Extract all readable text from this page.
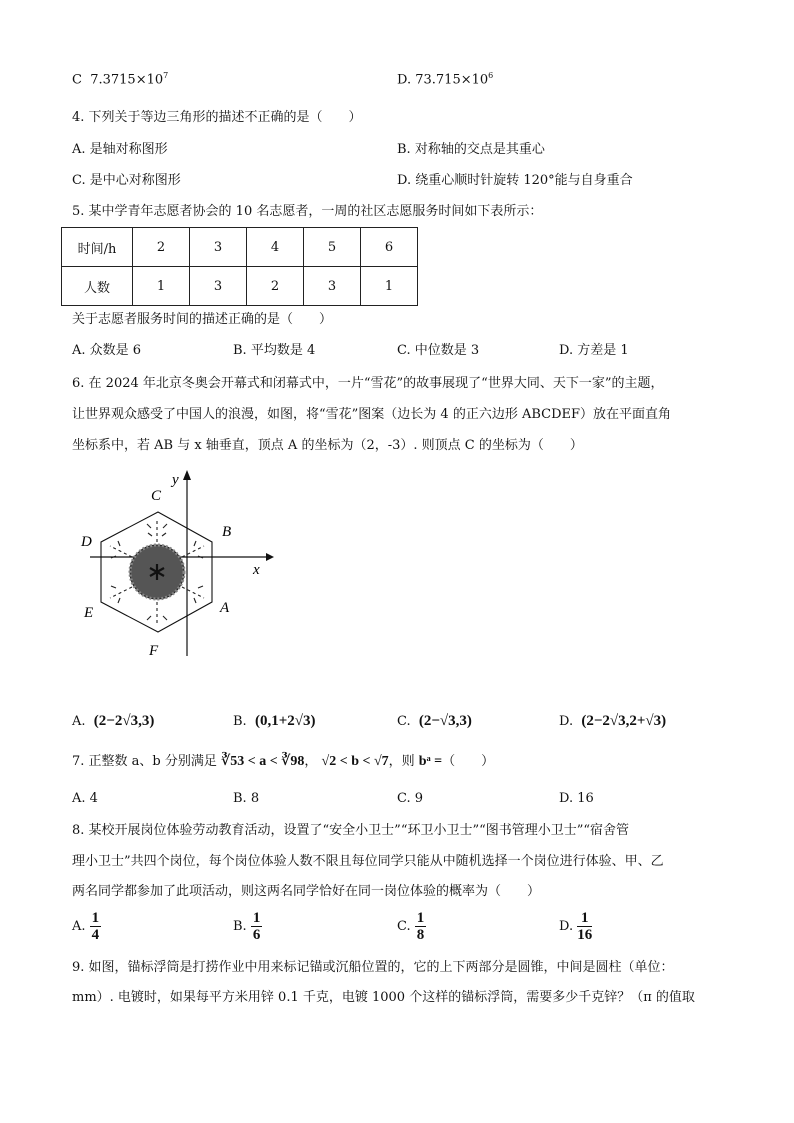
C $7.3715\times 10^7$	D. $73.715\times 10^6$
4. 下列关于等边三角形的描述不正确的是（　　）
A. 是轴对称图形	B. 对称轴的交点是其重心
C. 是中心对称图形	D. 绕重心顺时针旋转 120°能与自身重合
5. 某中学青年志愿者协会的 10 名志愿者，一周的社区志愿服务时间如下表所示：
时间/h	2	3	4	5	6
人数	1	3	2	3	1
关于志愿者服务时间的描述正确的是（　　）
A. 众数是 6	B. 平均数是 4	C. 中位数是 3	D. 方差是 1
6. 在 2024 年北京冬奥会开幕式和闭幕式中，一片“雪花”的故事展现了“世界大同、天下一家”的主题，
让世界观众感受了中国人的浪漫，如图，将“雪花”图案（边长为 4 的正六边形 ABCDEF）放在平面直角
坐标系中，若 AB 与 x 轴垂直，顶点 A 的坐标为（2，-3）. 则顶点 C 的坐标为（　　）
y
x
A
B
C
D
E
F
A. (2−2√3,3)	B. (0,1+2√3)	C. (2−√3,3)	D. (2−2√3,2+√3)
7. 正整数 a、b 分别满足 ∛53 < a < ∛98， √2 < b < √7，则 bᵃ =（　　）
A. 4	B. 8	C. 9	D. 16
8. 某校开展岗位体验劳动教育活动，设置了“安全小卫士”“环卫小卫士”“图书管理小卫士”“宿舍管
理小卫士”共四个岗位，每个岗位体验人数不限且每位同学只能从中随机选择一个岗位进行体验、甲、乙
两名同学都参加了此项活动，则这两名同学恰好在同一岗位体验的概率为（　　）
A. $\frac{1}{4}$	B. $\frac{1}{6}$	C. $\frac{1}{8}$	D. $\frac{1}{16}$
9. 如图，锚标浮筒是打捞作业中用来标记锚或沉船位置的，它的上下两部分是圆锥，中间是圆柱（单位：
mm）. 电镀时，如果每平方米用锌 0.1 千克，电镀 1000 个这样的锚标浮筒，需要多少千克锌？（π 的值取
